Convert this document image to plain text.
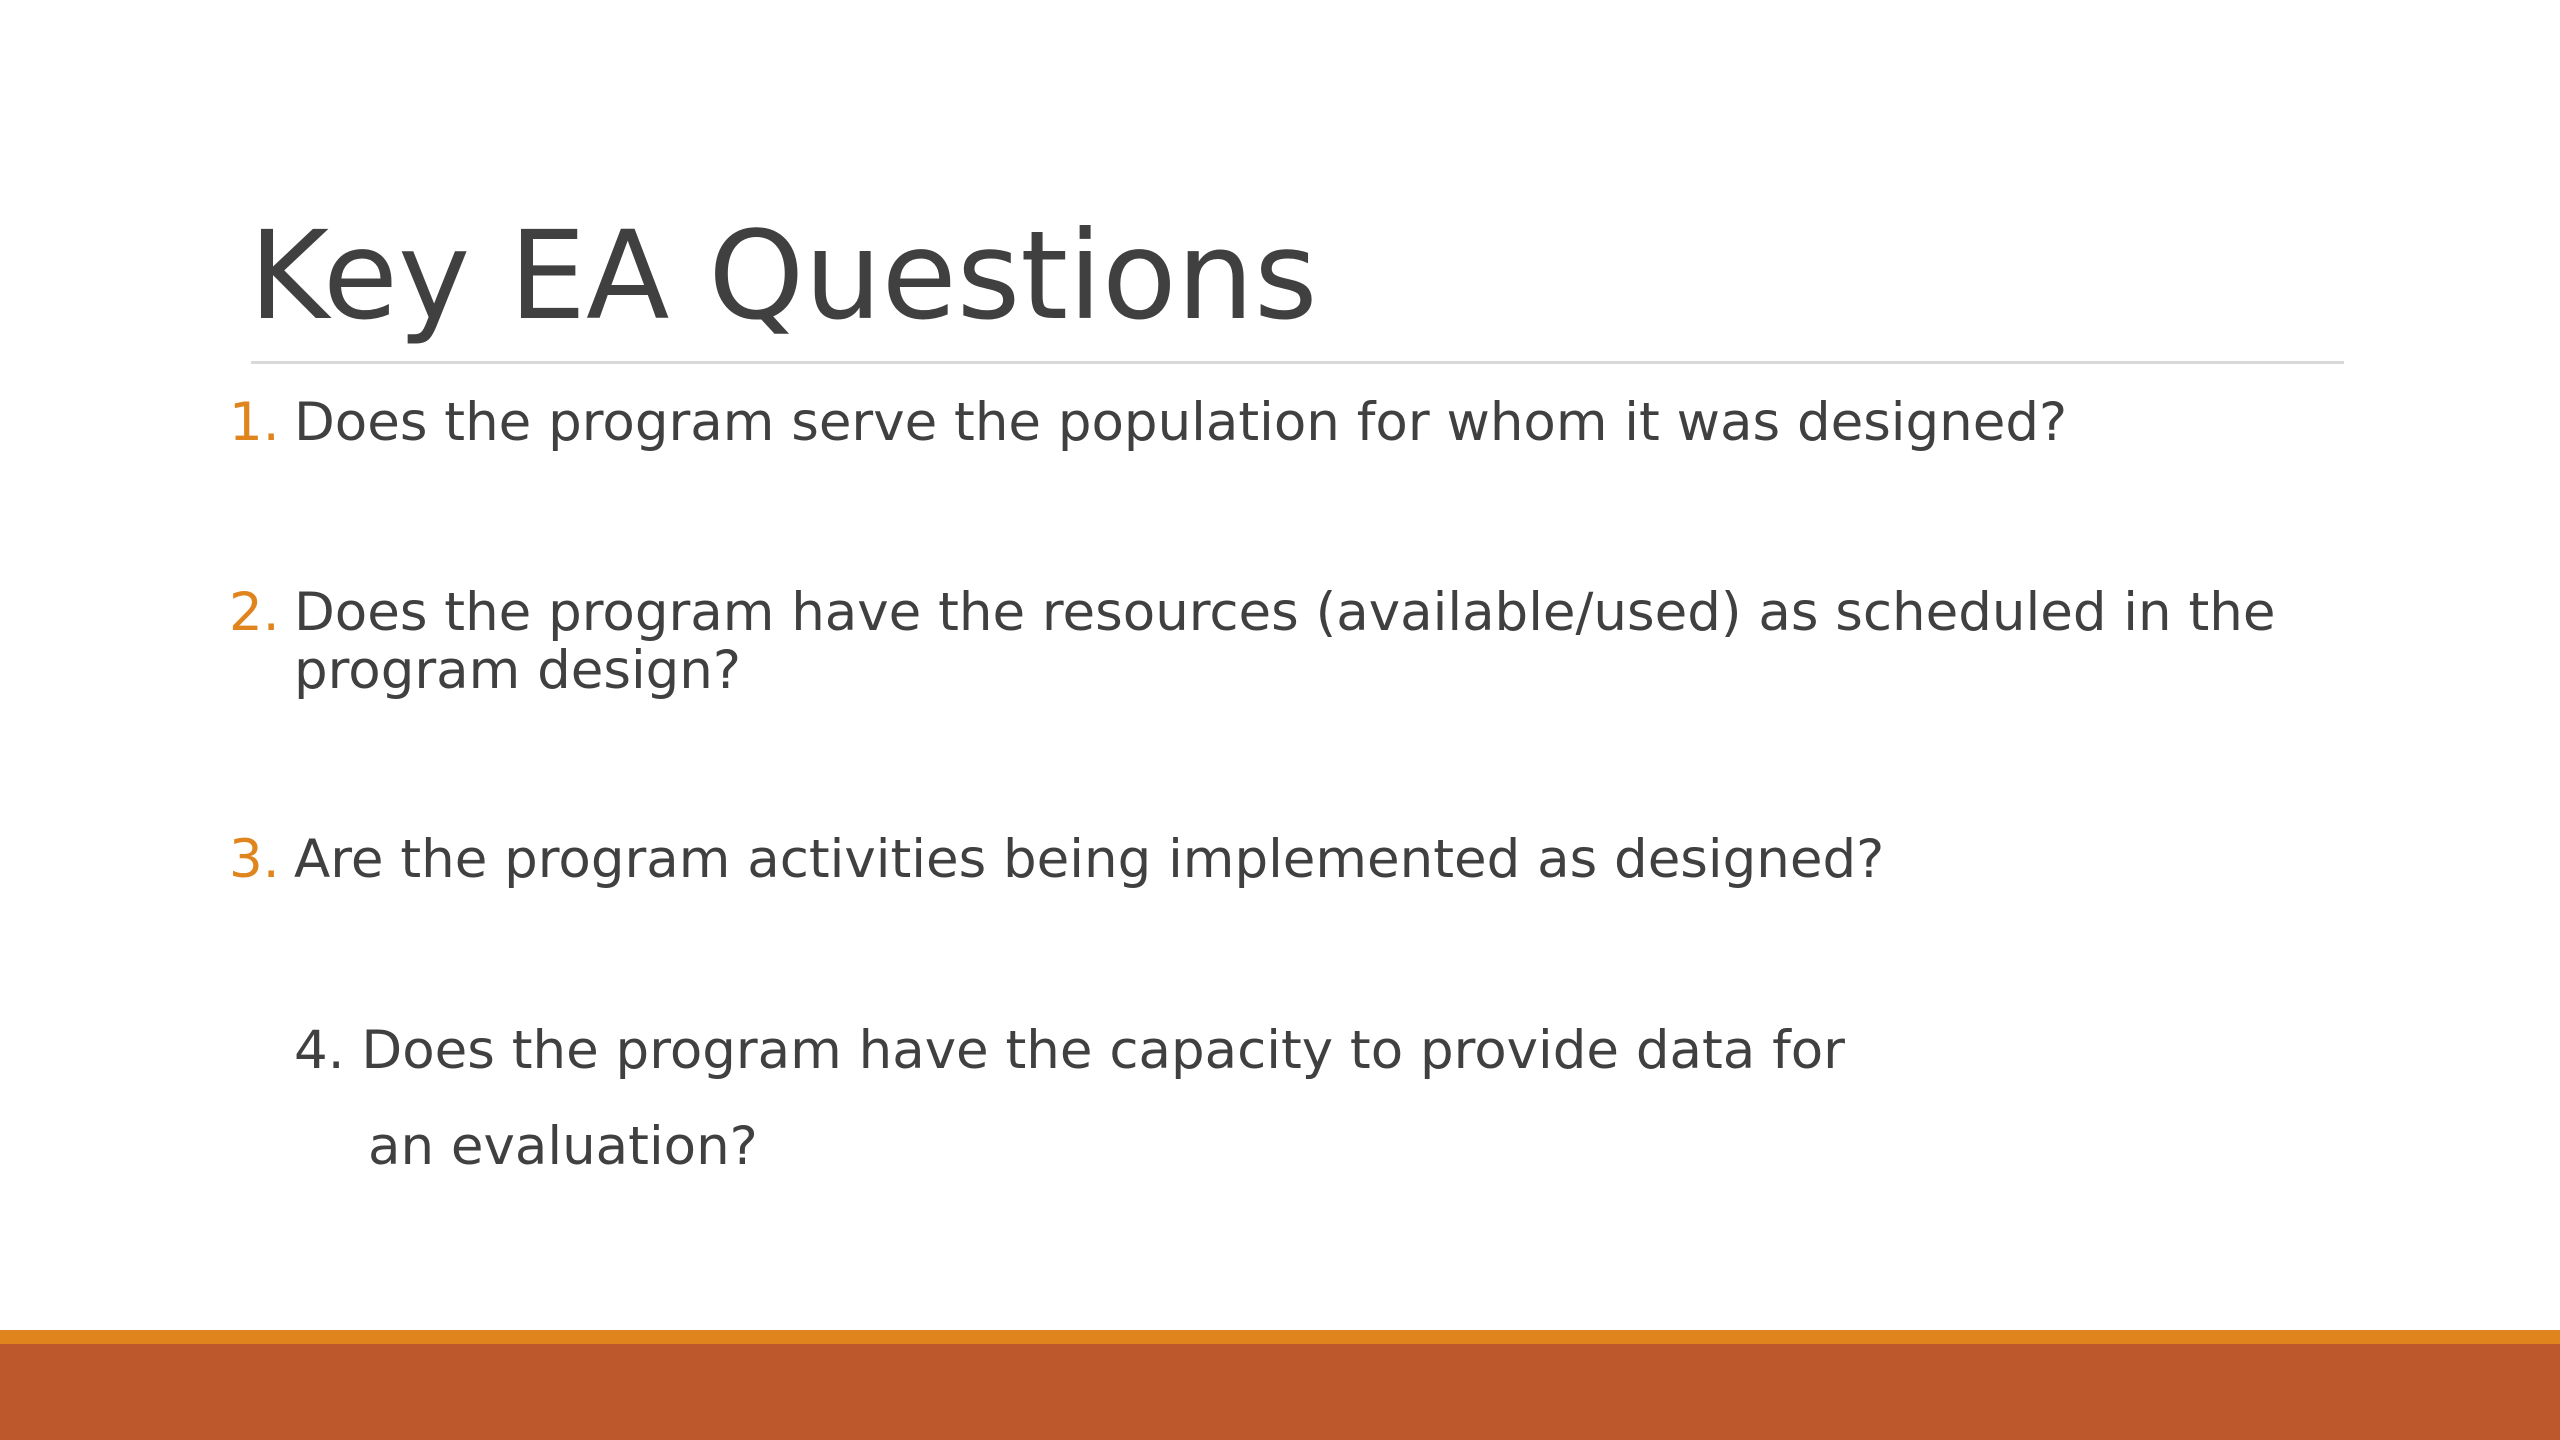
Key EA Questions
1. Does the program serve the population for whom it was designed?
2. Does the program have the resources (available/used) as scheduled in the program design?
3. Are the program activities being implemented as designed?
4. Does the program have the capacity to provide data for
an evaluation?
